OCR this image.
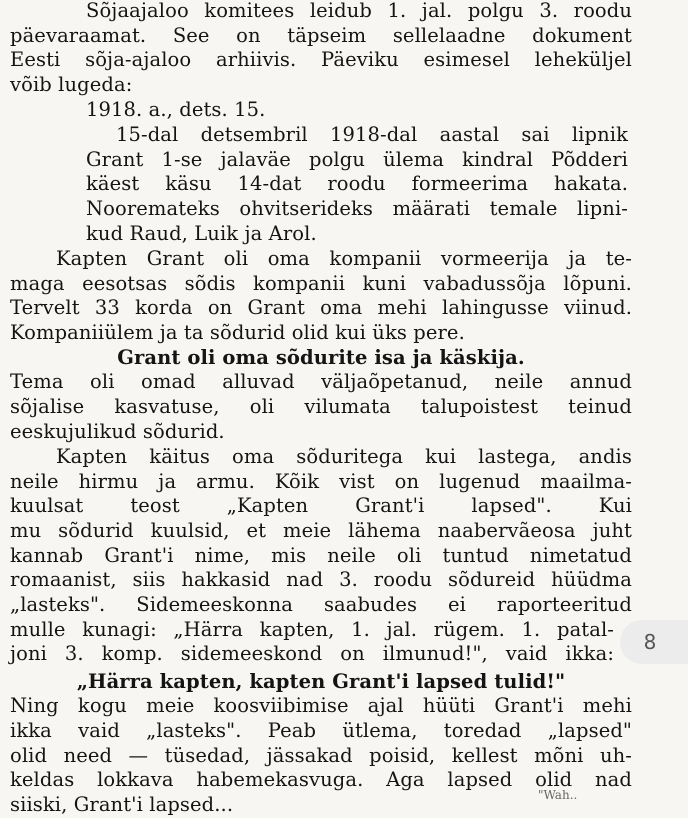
Sõjaajaloo komitees leidub 1. jal. polgu 3. roodu
päevaraamat. See on täpseim sellelaadne dokument
Eesti sõja-ajaloo arhiivis. Päeviku esimesel leheküljel
võib lugeda:
1918. a., dets. 15.
15-dal detsembril 1918-dal aastal sai lipnik
Grant 1-se jalaväe polgu ülema kindral Põdderi
käest käsu 14-dat roodu formeerima hakata.
Nooremateks ohvitserideks määrati temale lipni-
kud Raud, Luik ja Arol.
Kapten Grant oli oma kompanii vormeerija ja te-
maga eesotsas sõdis kompanii kuni vabadussõja lõpuni.
Tervelt 33 korda on Grant oma mehi lahingusse viinud.
Kompaniiülem ja ta sõdurid olid kui üks pere.
Grant oli oma sõdurite isa ja käskija.
Tema oli omad alluvad väljaõpetanud, neile annud
sõjalise kasvatuse, oli vilumata talupoistest teinud
eeskujulikud sõdurid.
Kapten käitus oma sõduritega kui lastega, andis
neile hirmu ja armu. Kõik vist on lugenud maailma-
kuulsat teost „Kapten Grant'i lapsed". Kui
mu sõdurid kuulsid, et meie lähema naabervãeosa juht
kannab Grant'i nime, mis neile oli tuntud nimetatud
romaanist, siis hakkasid nad 3. roodu sõdureid hüüdma
„lasteks". Sidemeeskonna saabudes ei raporteeritud
mulle kunagi: „Härra kapten, 1. jal. rügem. 1. patal-
joni 3. komp. sidemeeskond on ilmunud!", vaid ikka:
„Härra kapten, kapten Grant'i lapsed tulid!"
Ning kogu meie koosviibimise ajal hüüti Grant'i mehi
ikka vaid „lasteks". Peab ütlema, toredad „lapsed"
olid need — tüsedad, jässakad poisid, kellest mõni uh-
keldas lokkava habemekasvuga. Aga lapsed olid nad
siiski, Grant'i lapsed...	"Wah..
8
